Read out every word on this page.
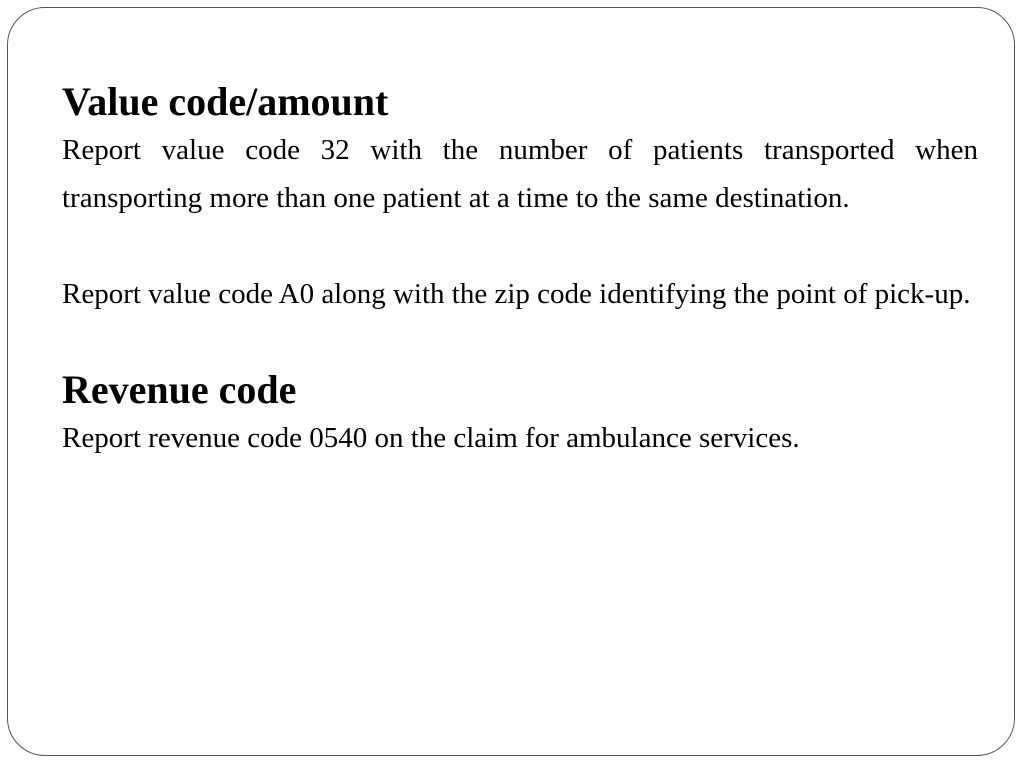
Value code/amount

Report value code 32 with the number of patients transported when transporting more than one patient at a time to the same destination.

Report value code A0 along with the zip code identifying the point of pick-up.

Revenue code

Report revenue code 0540 on the claim for ambulance services.
